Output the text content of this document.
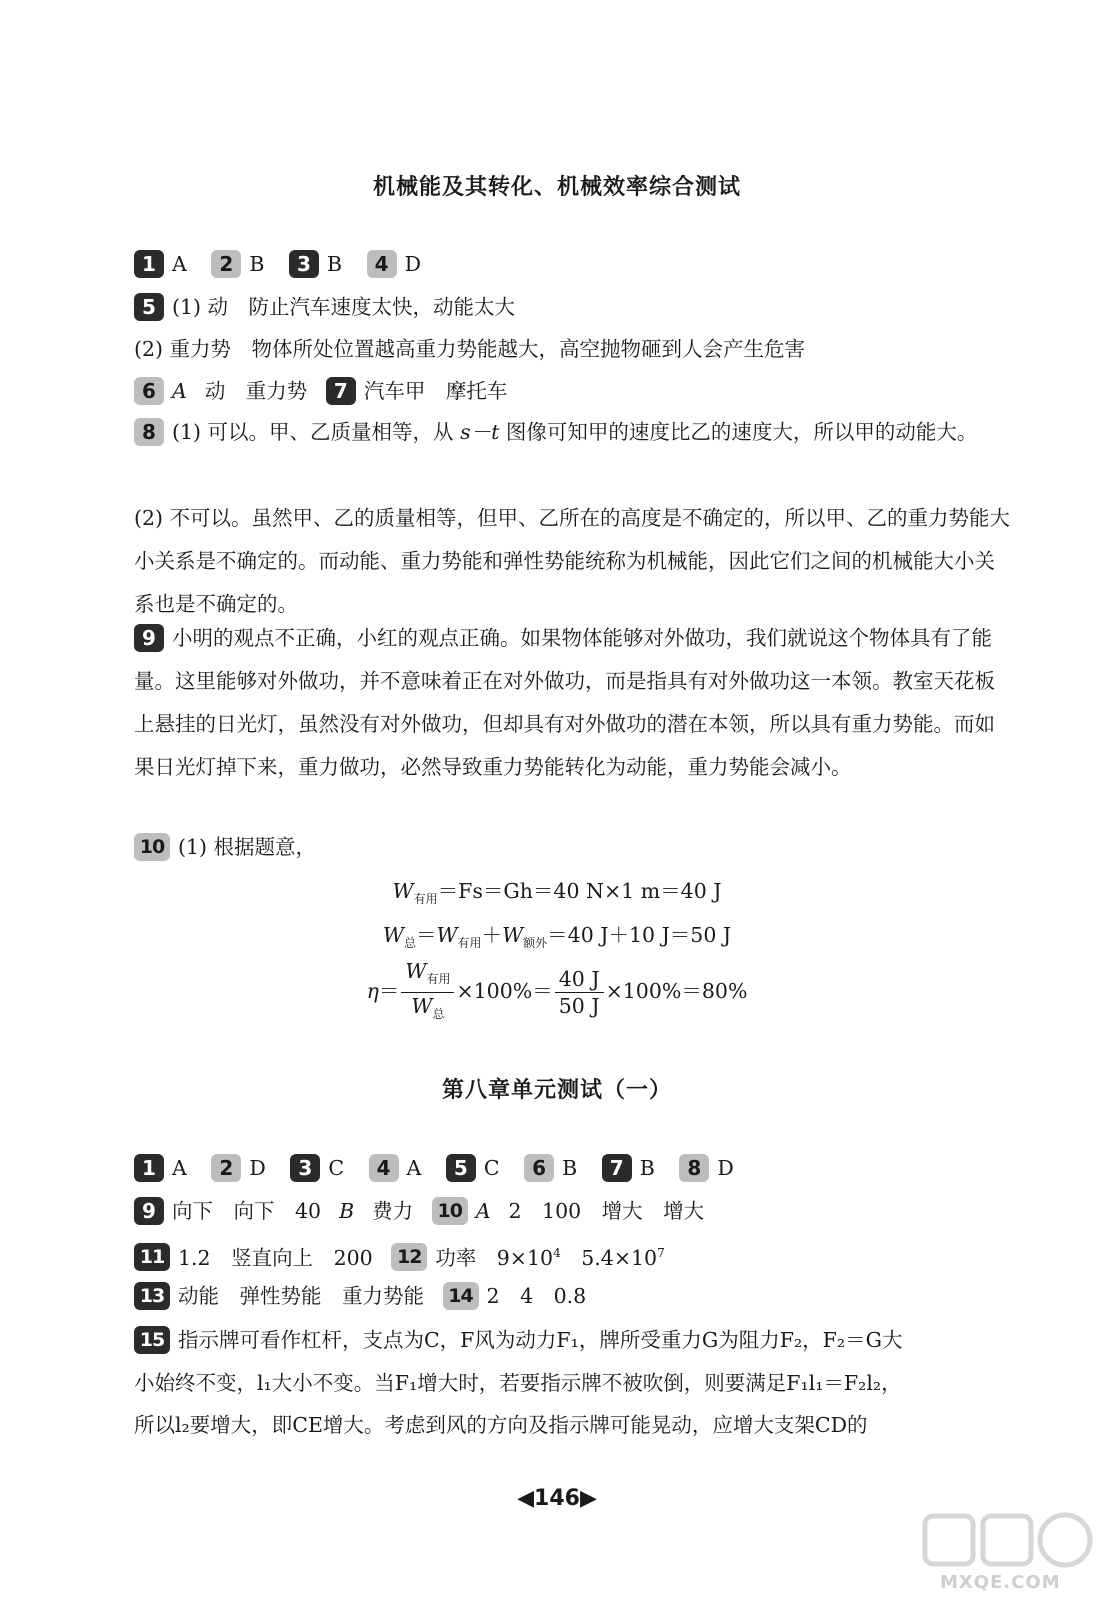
机械能及其转化、机械效率综合测试
1 A 2 B 3 B 4 D
5 (1) 动　防止汽车速度太快，动能太大
(2) 重力势　物体所处位置越高重力势能越大，高空抛物砸到人会产生危害
6 A 动　重力势 7 汽车甲　摩托车
8 (1) 可以。甲、乙质量相等，从 s－t 图像可知甲的速度比乙的速度大，所以甲的动能大。
(2) 不可以。虽然甲、乙的质量相等，但甲、乙所在的高度是不确定的，所以甲、乙的重力势能大小关系是不确定的。而动能、重力势能和弹性势能统称为机械能，因此它们之间的机械能大小关系也是不确定的。
9 小明的观点不正确，小红的观点正确。如果物体能够对外做功，我们就说这个物体具有了能量。这里能够对外做功，并不意味着正在对外做功，而是指具有对外做功这一本领。教室天花板上悬挂的日光灯，虽然没有对外做功，但却具有对外做功的潜在本领，所以具有重力势能。而如果日光灯掉下来，重力做功，必然导致重力势能转化为动能，重力势能会减小。
10 (1) 根据题意，
$W_{有用}=Fs=Gh=40$ N×1 m＝40 J
$W_总=W_{有用}+W_{额外}=40$ J＋10 J＝50 J
$\eta= \frac{W_{有用}}{W_总} \times 100\%= \frac{40 J}{50 J} \times 100\%=80\%$
第八章单元测试（一）
1 A 2 D 3 C 4 A 5 C 6 B 7 B 8 D
9 向下　向下　40 B 费力 10 A 2　100　增大　增大
11 1.2　竖直向上　200 12 功率　$9\times 10^4$　$5.4\times 10^7$
13 动能　弹性势能　重力势能 14 2　4　0.8
15 指示牌可看作杠杆，支点为C，F风为动力F₁，牌所受重力G为阻力F₂，F₂＝G大
小始终不变，l₁大小不变。当F₁增大时，若要指示牌不被吹倒，则要满足F₁l₁＝F₂l₂，
所以l₂要增大，即CE增大。考虑到风的方向及指示牌可能晃动，应增大支架CD的
◀146▶
MXQE.COM
